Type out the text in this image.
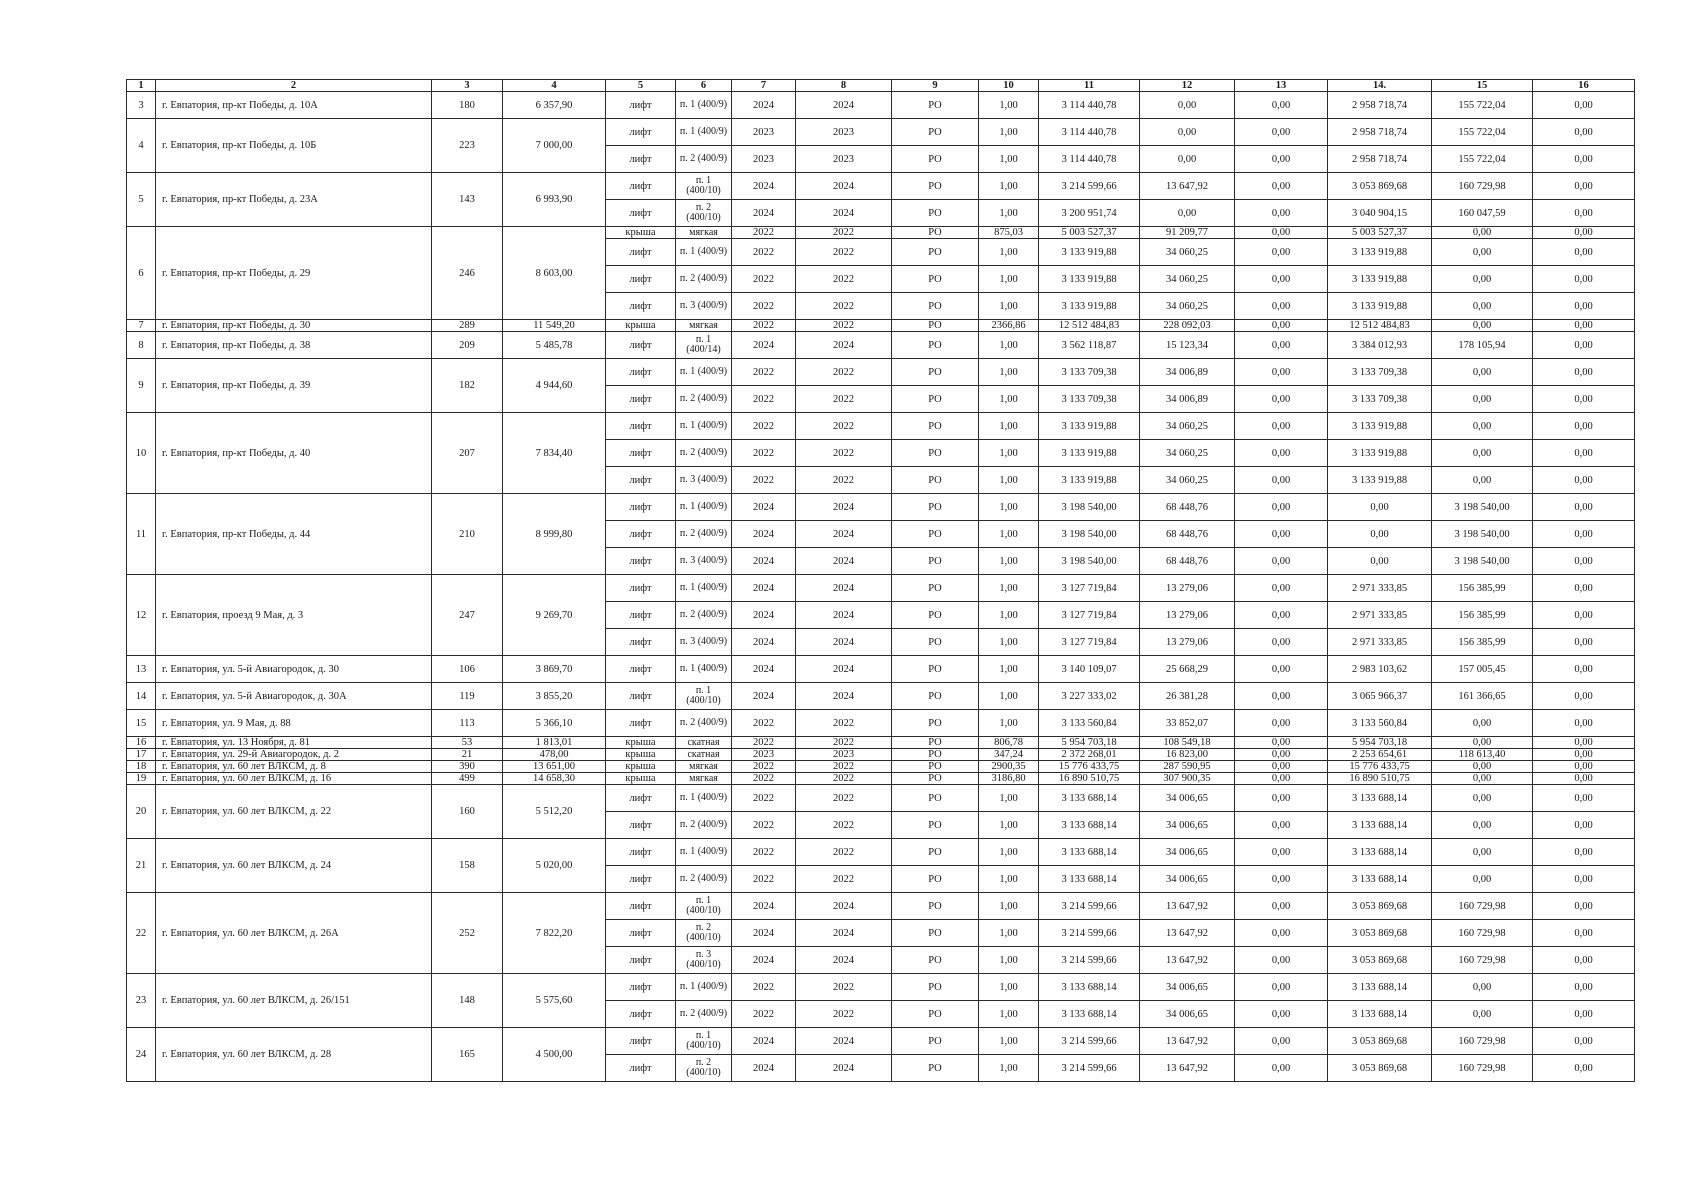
1	2	3	4	5	6	7	8	9	10	11	12	13	14.	15	16
3	г. Евпатория, пр-кт Победы, д. 10А	180	6 357,90	лифт	п. 1 (400/9)	2024	2024	РО	1,00	3 114 440,78	0,00	0,00	2 958 718,74	155 722,04	0,00
4	г. Евпатория, пр-кт Победы, д. 10Б	223	7 000,00	лифт	п. 1 (400/9)	2023	2023	РО	1,00	3 114 440,78	0,00	0,00	2 958 718,74	155 722,04	0,00
				лифт	п. 2 (400/9)	2023	2023	РО	1,00	3 114 440,78	0,00	0,00	2 958 718,74	155 722,04	0,00
5	г. Евпатория, пр-кт Победы, д. 23А	143	6 993,90	лифт	п. 1 (400/10)	2024	2024	РО	1,00	3 214 599,66	13 647,92	0,00	3 053 869,68	160 729,98	0,00
				лифт	п. 2 (400/10)	2024	2024	РО	1,00	3 200 951,74	0,00	0,00	3 040 904,15	160 047,59	0,00
6	г. Евпатория, пр-кт Победы, д. 29	246	8 603,00	крыша	мягкая	2022	2022	РО	875,03	5 003 527,37	91 209,77	0,00	5 003 527,37	0,00	0,00
				лифт	п. 1 (400/9)	2022	2022	РО	1,00	3 133 919,88	34 060,25	0,00	3 133 919,88	0,00	0,00
				лифт	п. 2 (400/9)	2022	2022	РО	1,00	3 133 919,88	34 060,25	0,00	3 133 919,88	0,00	0,00
				лифт	п. 3 (400/9)	2022	2022	РО	1,00	3 133 919,88	34 060,25	0,00	3 133 919,88	0,00	0,00
7	г. Евпатория, пр-кт Победы, д. 30	289	11 549,20	крыша	мягкая	2022	2022	РО	2366,86	12 512 484,83	228 092,03	0,00	12 512 484,83	0,00	0,00
8	г. Евпатория, пр-кт Победы, д. 38	209	5 485,78	лифт	п. 1 (400/14)	2024	2024	РО	1,00	3 562 118,87	15 123,34	0,00	3 384 012,93	178 105,94	0,00
9	г. Евпатория, пр-кт Победы, д. 39	182	4 944,60	лифт	п. 1 (400/9)	2022	2022	РО	1,00	3 133 709,38	34 006,89	0,00	3 133 709,38	0,00	0,00
				лифт	п. 2 (400/9)	2022	2022	РО	1,00	3 133 709,38	34 006,89	0,00	3 133 709,38	0,00	0,00
10	г. Евпатория, пр-кт Победы, д. 40	207	7 834,40	лифт	п. 1 (400/9)	2022	2022	РО	1,00	3 133 919,88	34 060,25	0,00	3 133 919,88	0,00	0,00
				лифт	п. 2 (400/9)	2022	2022	РО	1,00	3 133 919,88	34 060,25	0,00	3 133 919,88	0,00	0,00
				лифт	п. 3 (400/9)	2022	2022	РО	1,00	3 133 919,88	34 060,25	0,00	3 133 919,88	0,00	0,00
11	г. Евпатория, пр-кт Победы, д. 44	210	8 999,80	лифт	п. 1 (400/9)	2024	2024	РО	1,00	3 198 540,00	68 448,76	0,00	0,00	3 198 540,00	0,00
				лифт	п. 2 (400/9)	2024	2024	РО	1,00	3 198 540,00	68 448,76	0,00	0,00	3 198 540,00	0,00
				лифт	п. 3 (400/9)	2024	2024	РО	1,00	3 198 540,00	68 448,76	0,00	0,00	3 198 540,00	0,00
12	г. Евпатория, проезд 9 Мая, д. 3	247	9 269,70	лифт	п. 1 (400/9)	2024	2024	РО	1,00	3 127 719,84	13 279,06	0,00	2 971 333,85	156 385,99	0,00
				лифт	п. 2 (400/9)	2024	2024	РО	1,00	3 127 719,84	13 279,06	0,00	2 971 333,85	156 385,99	0,00
				лифт	п. 3 (400/9)	2024	2024	РО	1,00	3 127 719,84	13 279,06	0,00	2 971 333,85	156 385,99	0,00
13	г. Евпатория, ул. 5-й Авиагородок, д. 30	106	3 869,70	лифт	п. 1 (400/9)	2024	2024	РО	1,00	3 140 109,07	25 668,29	0,00	2 983 103,62	157 005,45	0,00
14	г. Евпатория, ул. 5-й Авиагородок, д. 30А	119	3 855,20	лифт	п. 1 (400/10)	2024	2024	РО	1,00	3 227 333,02	26 381,28	0,00	3 065 966,37	161 366,65	0,00
15	г. Евпатория, ул. 9 Мая, д. 88	113	5 366,10	лифт	п. 2 (400/9)	2022	2022	РО	1,00	3 133 560,84	33 852,07	0,00	3 133 560,84	0,00	0,00
16	г. Евпатория, ул. 13 Ноября, д. 81	53	1 813,01	крыша	скатная	2022	2022	РО	806,78	5 954 703,18	108 549,18	0,00	5 954 703,18	0,00	0,00
17	г. Евпатория, ул. 29-й Авиагородок, д. 2	21	478,00	крыша	скатная	2023	2023	РО	347,24	2 372 268,01	16 823,00	0,00	2 253 654,61	118 613,40	0,00
18	г. Евпатория, ул. 60 лет ВЛКСМ, д. 8	390	13 651,00	крыша	мягкая	2022	2022	РО	2900,35	15 776 433,75	287 590,95	0,00	15 776 433,75	0,00	0,00
19	г. Евпатория, ул. 60 лет ВЛКСМ, д. 16	499	14 658,30	крыша	мягкая	2022	2022	РО	3186,80	16 890 510,75	307 900,35	0,00	16 890 510,75	0,00	0,00
20	г. Евпатория, ул. 60 лет ВЛКСМ, д. 22	160	5 512,20	лифт	п. 1 (400/9)	2022	2022	РО	1,00	3 133 688,14	34 006,65	0,00	3 133 688,14	0,00	0,00
				лифт	п. 2 (400/9)	2022	2022	РО	1,00	3 133 688,14	34 006,65	0,00	3 133 688,14	0,00	0,00
21	г. Евпатория, ул. 60 лет ВЛКСМ, д. 24	158	5 020,00	лифт	п. 1 (400/9)	2022	2022	РО	1,00	3 133 688,14	34 006,65	0,00	3 133 688,14	0,00	0,00
				лифт	п. 2 (400/9)	2022	2022	РО	1,00	3 133 688,14	34 006,65	0,00	3 133 688,14	0,00	0,00
22	г. Евпатория, ул. 60 лет ВЛКСМ, д. 26А	252	7 822,20	лифт	п. 1 (400/10)	2024	2024	РО	1,00	3 214 599,66	13 647,92	0,00	3 053 869,68	160 729,98	0,00
				лифт	п. 2 (400/10)	2024	2024	РО	1,00	3 214 599,66	13 647,92	0,00	3 053 869,68	160 729,98	0,00
				лифт	п. 3 (400/10)	2024	2024	РО	1,00	3 214 599,66	13 647,92	0,00	3 053 869,68	160 729,98	0,00
23	г. Евпатория, ул. 60 лет ВЛКСМ, д. 26/151	148	5 575,60	лифт	п. 1 (400/9)	2022	2022	РО	1,00	3 133 688,14	34 006,65	0,00	3 133 688,14	0,00	0,00
				лифт	п. 2 (400/9)	2022	2022	РО	1,00	3 133 688,14	34 006,65	0,00	3 133 688,14	0,00	0,00
24	г. Евпатория, ул. 60 лет ВЛКСМ, д. 28	165	4 500,00	лифт	п. 1 (400/10)	2024	2024	РО	1,00	3 214 599,66	13 647,92	0,00	3 053 869,68	160 729,98	0,00
				лифт	п. 2 (400/10)	2024	2024	РО	1,00	3 214 599,66	13 647,92	0,00	3 053 869,68	160 729,98	0,00
